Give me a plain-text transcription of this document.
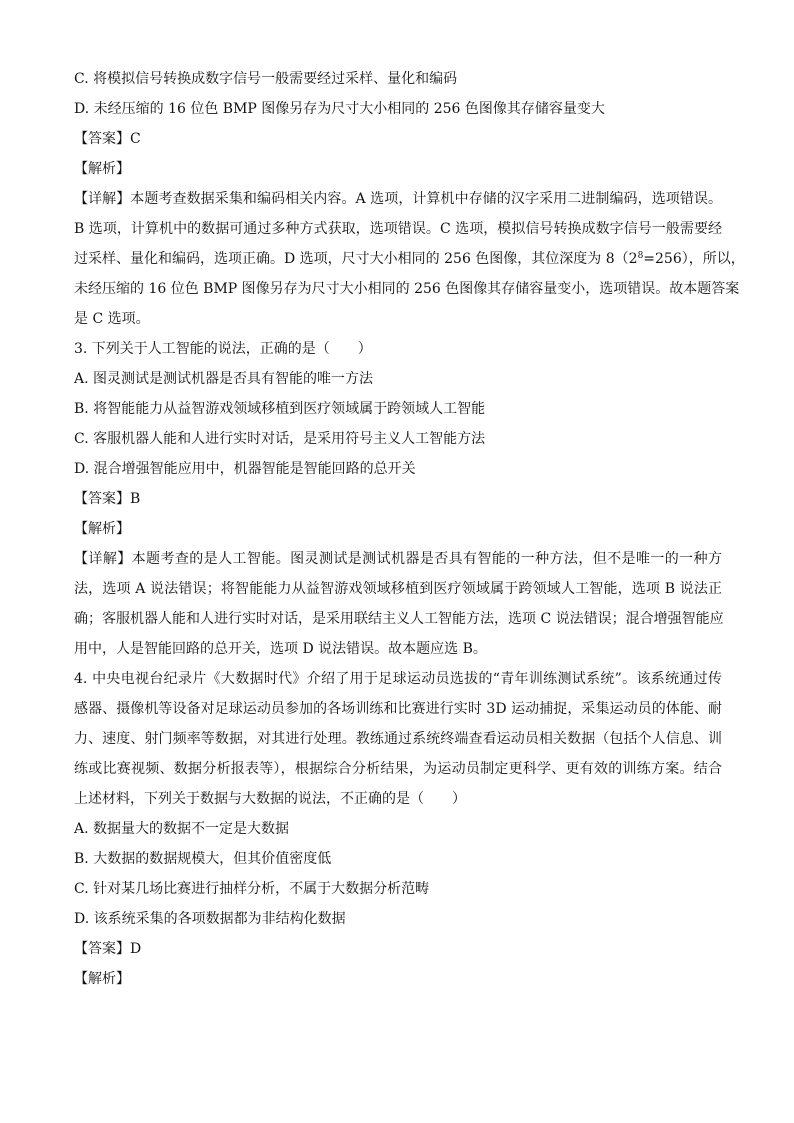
C. 将模拟信号转换成数字信号一般需要经过采样、量化和编码
D. 未经压缩的 16 位色 BMP 图像另存为尺寸大小相同的 256 色图像其存储容量变大
【答案】C
【解析】
【详解】本题考查数据采集和编码相关内容。A 选项，计算机中存储的汉字采用二进制编码，选项错误。
B 选项，计算机中的数据可通过多种方式获取，选项错误。C 选项，模拟信号转换成数字信号一般需要经
过采样、量化和编码，选项正确。D 选项，尺寸大小相同的 256 色图像，其位深度为 $8(2^8=256)$，所以，
未经压缩的 16 位色 BMP 图像另存为尺寸大小相同的 256 色图像其存储容量变小，选项错误。故本题答案
是 C 选项。
3. 下列关于人工智能的说法，正确的是（　　）
A. 图灵测试是测试机器是否具有智能的唯一方法
B. 将智能能力从益智游戏领域移植到医疗领域属于跨领域人工智能
C. 客服机器人能和人进行实时对话，是采用符号主义人工智能方法
D. 混合增强智能应用中，机器智能是智能回路的总开关
【答案】B
【解析】
【详解】本题考查的是人工智能。图灵测试是测试机器是否具有智能的一种方法，但不是唯一的一种方
法，选项 A 说法错误；将智能能力从益智游戏领域移植到医疗领域属于跨领域人工智能，选项 B 说法正
确；客服机器人能和人进行实时对话，是采用联结主义人工智能方法，选项 C 说法错误；混合增强智能应
用中，人是智能回路的总开关，选项 D 说法错误。故本题应选 B。
4. 中央电视台纪录片《大数据时代》介绍了用于足球运动员选拔的“青年训练测试系统”。该系统通过传
感器、摄像机等设备对足球运动员参加的各场训练和比赛进行实时 3D 运动捕捉，采集运动员的体能、耐
力、速度、射门频率等数据，对其进行处理。教练通过系统终端查看运动员相关数据（包括个人信息、训
练或比赛视频、数据分析报表等），根据综合分析结果，为运动员制定更科学、更有效的训练方案。结合
上述材料，下列关于数据与大数据的说法，不正确的是（　　）
A. 数据量大的数据不一定是大数据
B. 大数据的数据规模大，但其价值密度低
C. 针对某几场比赛进行抽样分析，不属于大数据分析范畴
D. 该系统采集的各项数据都为非结构化数据
【答案】D
【解析】
